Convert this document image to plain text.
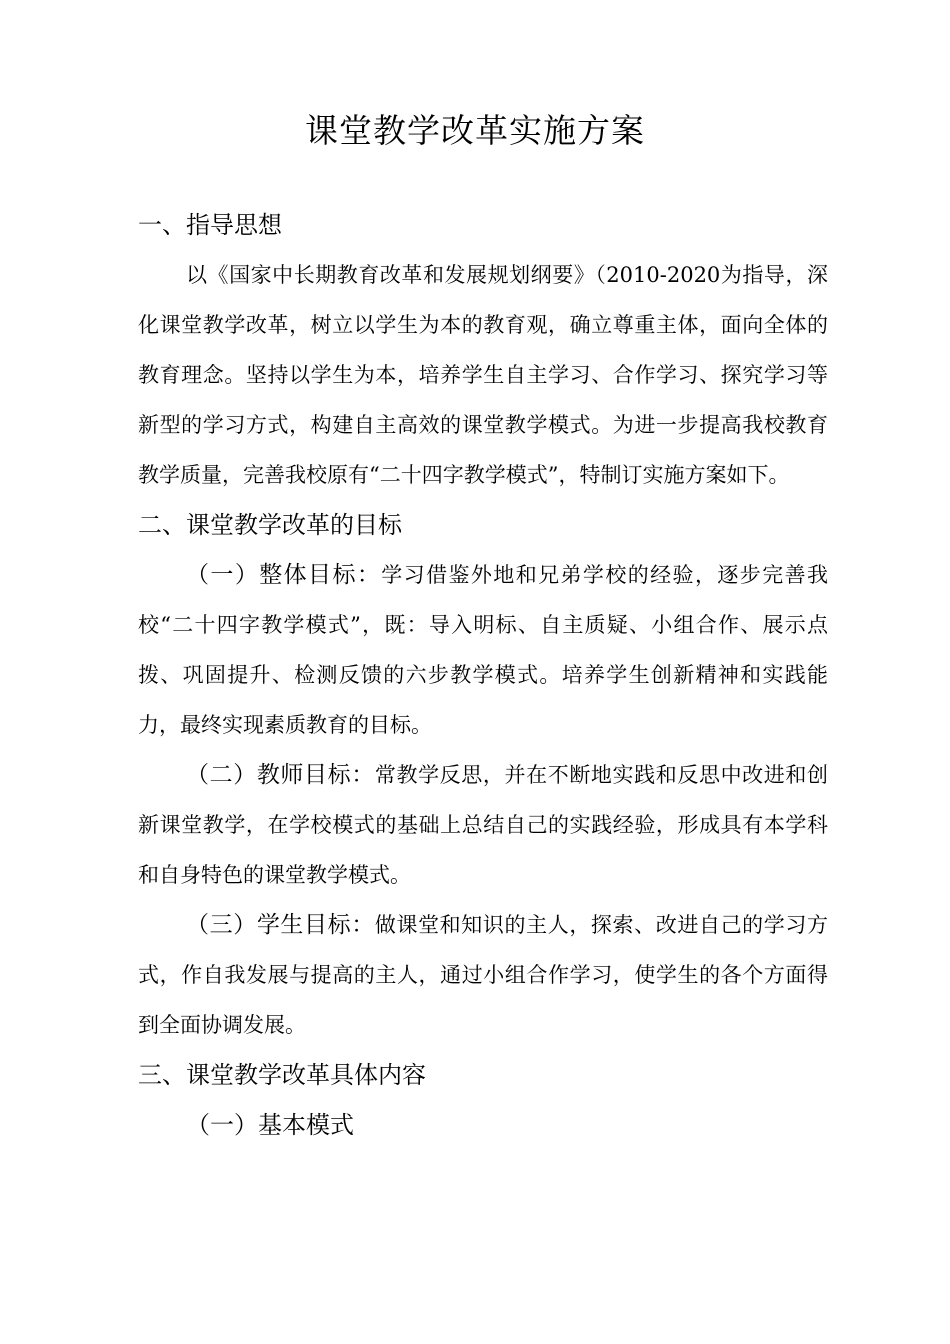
课堂教学改革实施方案
一、指导思想

以《国家中长期教育改革和发展规划纲要》（2010-2020为指导，深化课堂教学改革，树立以学生为本的教育观，确立尊重主体，面向全体的教育理念。坚持以学生为本，培养学生自主学习、合作学习、探究学习等新型的学习方式，构建自主高效的课堂教学模式。为进一步提高我校教育教学质量，完善我校原有“二十四字教学模式”，特制订实施方案如下。

二、课堂教学改革的目标

（一）整体目标：学习借鉴外地和兄弟学校的经验，逐步完善我校“二十四字教学模式”，既：导入明标、自主质疑、小组合作、展示点拨、巩固提升、检测反馈的六步教学模式。培养学生创新精神和实践能力，最终实现素质教育的目标。

（二）教师目标：常教学反思，并在不断地实践和反思中改进和创新课堂教学，在学校模式的基础上总结自己的实践经验，形成具有本学科和自身特色的课堂教学模式。

（三）学生目标：做课堂和知识的主人，探索、改进自己的学习方式，作自我发展与提高的主人，通过小组合作学习，使学生的各个方面得到全面协调发展。

三、课堂教学改革具体内容
（一）基本模式
